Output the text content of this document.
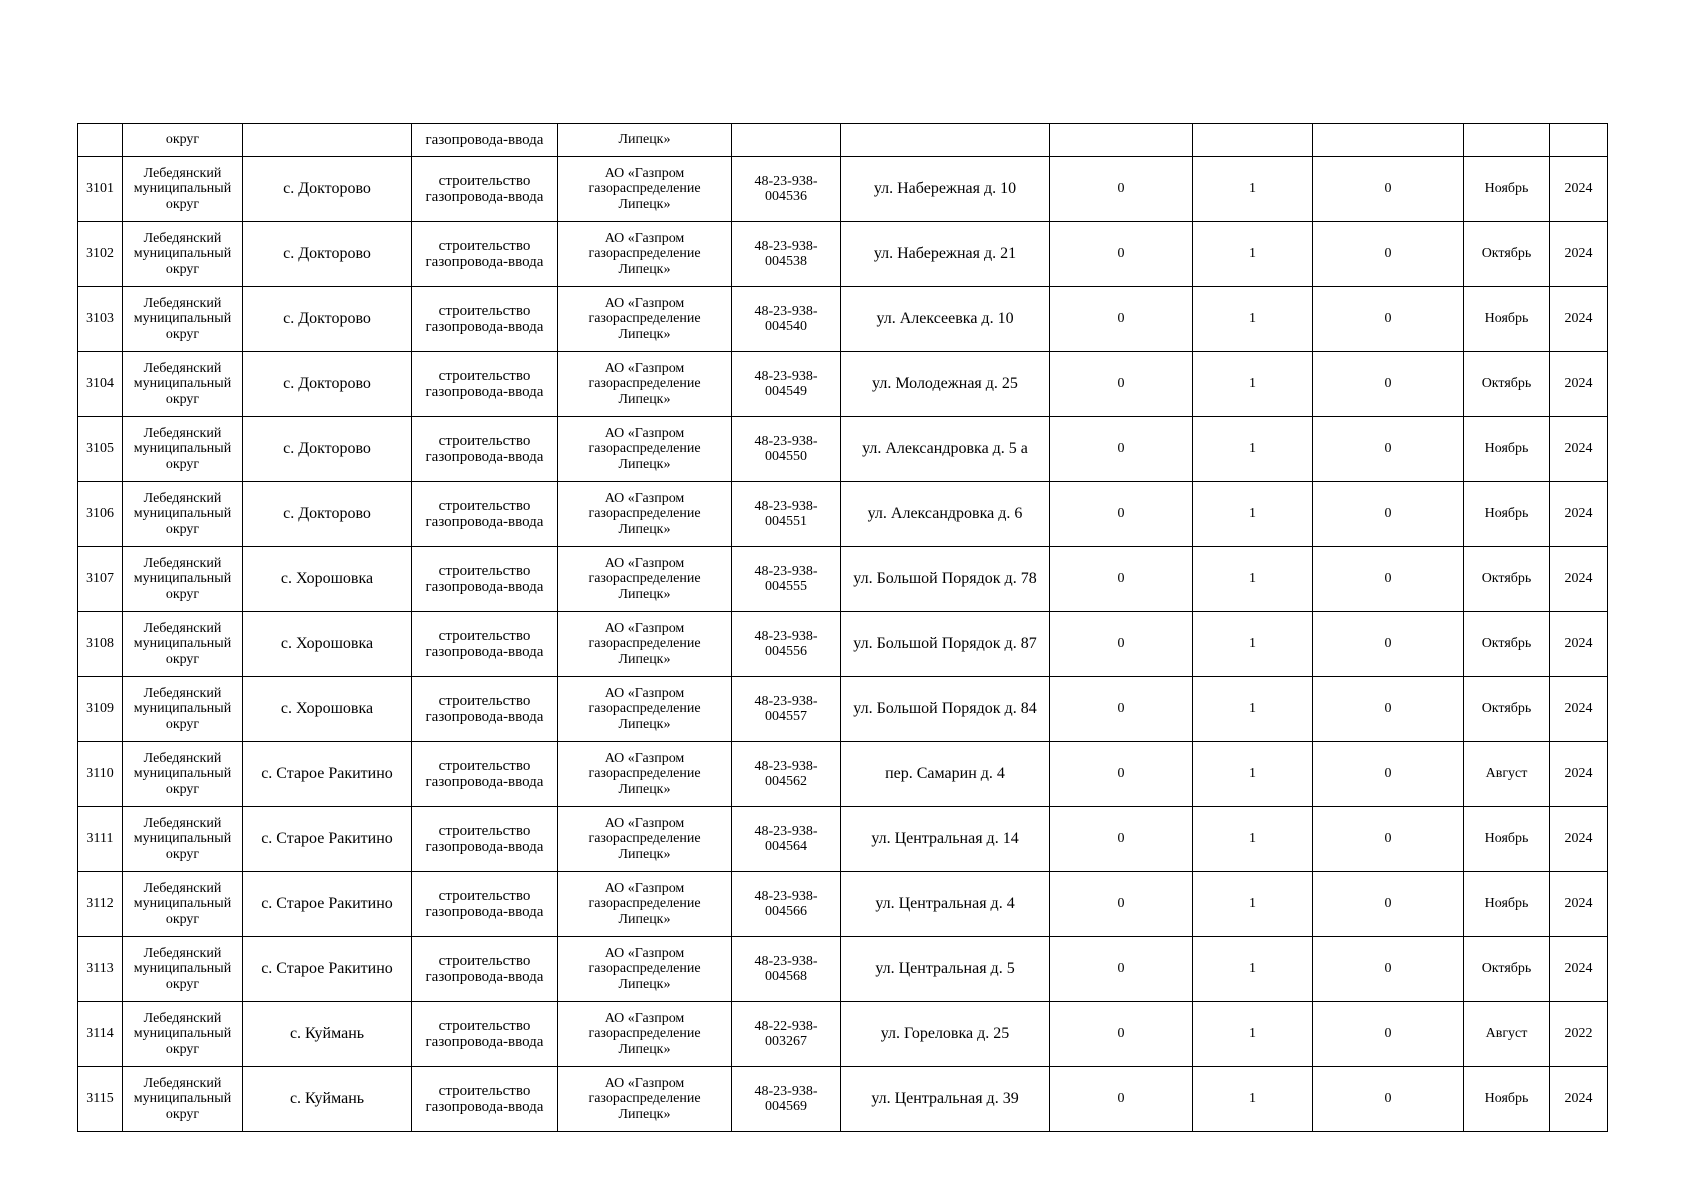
	округ		газопровода-ввода	Липецк»							
3101	Лебедянский муниципальный округ	с. Докторово	строительство газопровода-ввода	АО «Газпром газораспределение Липецк»	48-23-938-004536	ул. Набережная д. 10	0	1	0	Ноябрь	2024
3102	Лебедянский муниципальный округ	с. Докторово	строительство газопровода-ввода	АО «Газпром газораспределение Липецк»	48-23-938-004538	ул. Набережная д. 21	0	1	0	Октябрь	2024
3103	Лебедянский муниципальный округ	с. Докторово	строительство газопровода-ввода	АО «Газпром газораспределение Липецк»	48-23-938-004540	ул. Алексеевка д. 10	0	1	0	Ноябрь	2024
3104	Лебедянский муниципальный округ	с. Докторово	строительство газопровода-ввода	АО «Газпром газораспределение Липецк»	48-23-938-004549	ул. Молодежная д. 25	0	1	0	Октябрь	2024
3105	Лебедянский муниципальный округ	с. Докторово	строительство газопровода-ввода	АО «Газпром газораспределение Липецк»	48-23-938-004550	ул. Александровка д. 5 а	0	1	0	Ноябрь	2024
3106	Лебедянский муниципальный округ	с. Докторово	строительство газопровода-ввода	АО «Газпром газораспределение Липецк»	48-23-938-004551	ул. Александровка д. 6	0	1	0	Ноябрь	2024
3107	Лебедянский муниципальный округ	с. Хорошовка	строительство газопровода-ввода	АО «Газпром газораспределение Липецк»	48-23-938-004555	ул. Большой Порядок д. 78	0	1	0	Октябрь	2024
3108	Лебедянский муниципальный округ	с. Хорошовка	строительство газопровода-ввода	АО «Газпром газораспределение Липецк»	48-23-938-004556	ул. Большой Порядок д. 87	0	1	0	Октябрь	2024
3109	Лебедянский муниципальный округ	с. Хорошовка	строительство газопровода-ввода	АО «Газпром газораспределение Липецк»	48-23-938-004557	ул. Большой Порядок д. 84	0	1	0	Октябрь	2024
3110	Лебедянский муниципальный округ	с. Старое Ракитино	строительство газопровода-ввода	АО «Газпром газораспределение Липецк»	48-23-938-004562	пер. Самарин д. 4	0	1	0	Август	2024
3111	Лебедянский муниципальный округ	с. Старое Ракитино	строительство газопровода-ввода	АО «Газпром газораспределение Липецк»	48-23-938-004564	ул. Центральная д. 14	0	1	0	Ноябрь	2024
3112	Лебедянский муниципальный округ	с. Старое Ракитино	строительство газопровода-ввода	АО «Газпром газораспределение Липецк»	48-23-938-004566	ул. Центральная д. 4	0	1	0	Ноябрь	2024
3113	Лебедянский муниципальный округ	с. Старое Ракитино	строительство газопровода-ввода	АО «Газпром газораспределение Липецк»	48-23-938-004568	ул. Центральная д. 5	0	1	0	Октябрь	2024
3114	Лебедянский муниципальный округ	с. Куймань	строительство газопровода-ввода	АО «Газпром газораспределение Липецк»	48-22-938-003267	ул. Гореловка д. 25	0	1	0	Август	2022
3115	Лебедянский муниципальный округ	с. Куймань	строительство газопровода-ввода	АО «Газпром газораспределение Липецк»	48-23-938-004569	ул. Центральная д. 39	0	1	0	Ноябрь	2024
